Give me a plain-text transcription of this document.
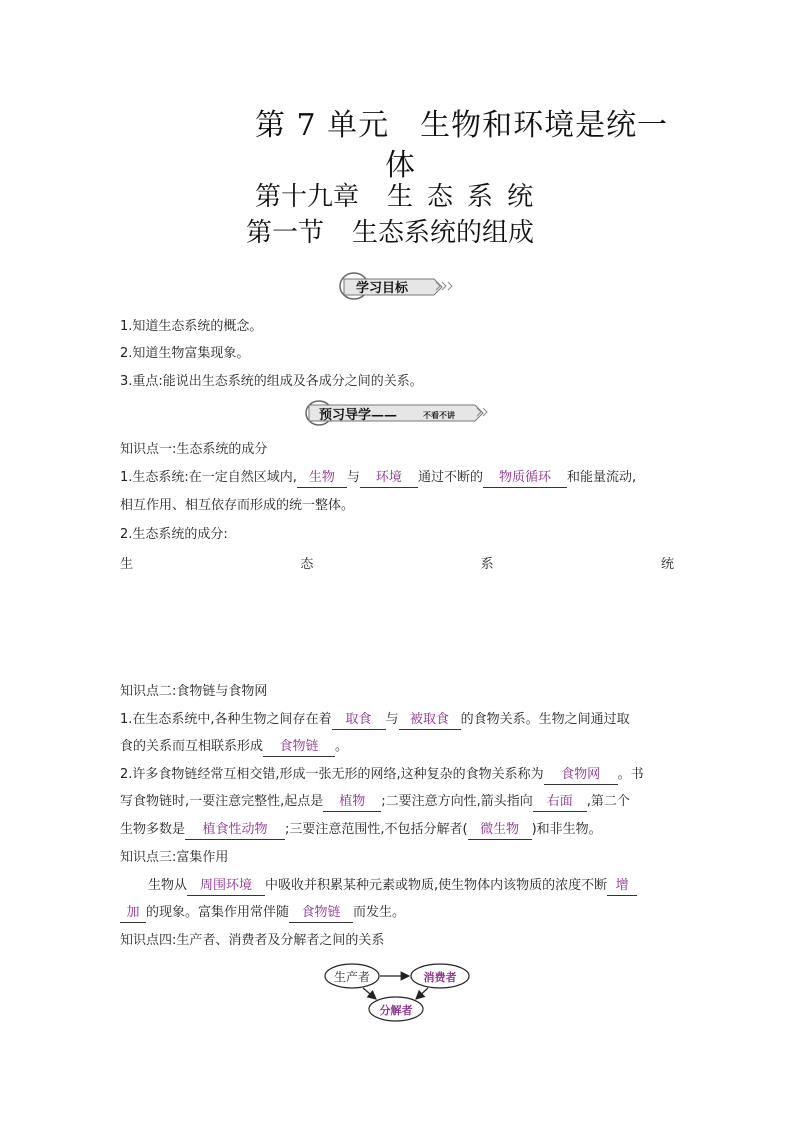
第 7 单元　生物和环境是统一
体
第十九章 生 态 系 统
第一节 生态系统的组成
学习目标
1.知道生态系统的概念。
2.知道生物富集现象。
3.重点:能说出生态系统的组成及各成分之间的关系。
预习导学——	不看不讲
知识点一:生态系统的成分
1.生态系统:在一定自然区域内, 生物 与 环境 通过不断的 物质循环 和能量流动,
相互作用、相互依存而形成的统一整体。
2.生态系统的成分:
生	态	系	统
知识点二:食物链与食物网
1.在生态系统中,各种生物之间存在着 取食 与 被取食 的食物关系。生物之间通过取
食的关系而互相联系形成 食物链 。
2.许多食物链经常互相交错,形成一张无形的网络,这种复杂的食物关系称为 食物网 。书
写食物链时,一要注意完整性,起点是 植物 ;二要注意方向性,箭头指向 右面 ,第二个
生物多数是 植食性动物 ;三要注意范围性,不包括分解者( 微生物 )和非生物。
知识点三:富集作用
生物从 周围环境 中吸收并积累某种元素或物质,使生物体内该物质的浓度不断 增
加 的现象。富集作用常伴随 食物链 而发生。
知识点四:生产者、消费者及分解者之间的关系
生产者	消费者
分解者
